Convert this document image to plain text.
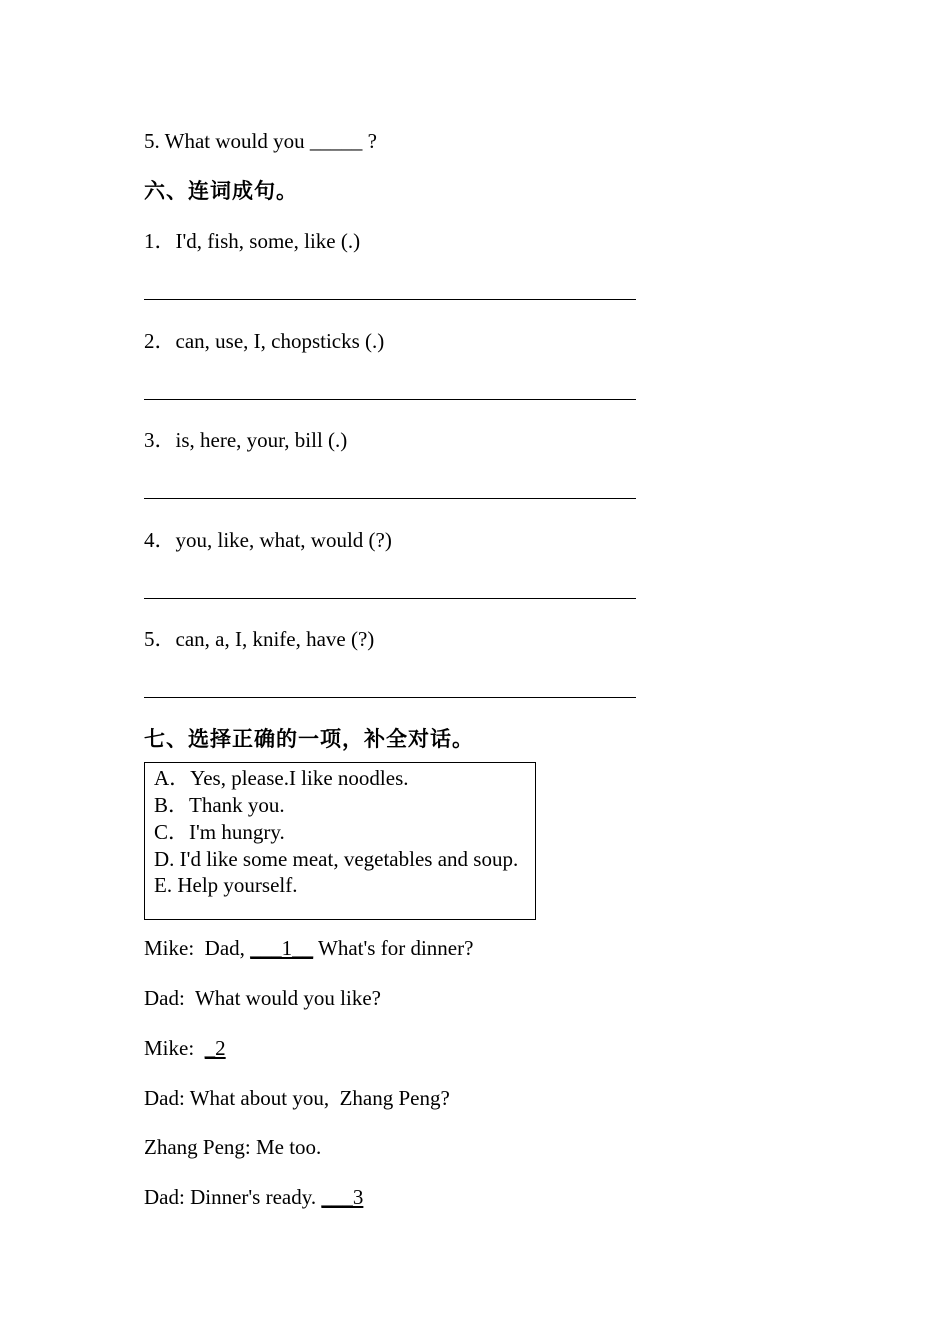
5. What would you _____ ?
六、连词成句。
1．I'd, fish, some, like (.)
2．can, use, I, chopsticks (.)
3．is, here, your, bill (.)
4．you, like, what, would (?)
5．can, a, I, knife, have (?)
七、选择正确的一项，补全对话。
A．Yes, please.I like noodles.
B．Thank you.
C．I'm hungry.
D. I'd like some meat, vegetables and soup.
E. Help yourself.
Mike:  Dad, ___1__ What's for dinner?
Dad:  What would you like?
Mike:  _2
Dad: What about you,  Zhang Peng?
Zhang Peng: Me too.
Dad: Dinner's ready. ___3
